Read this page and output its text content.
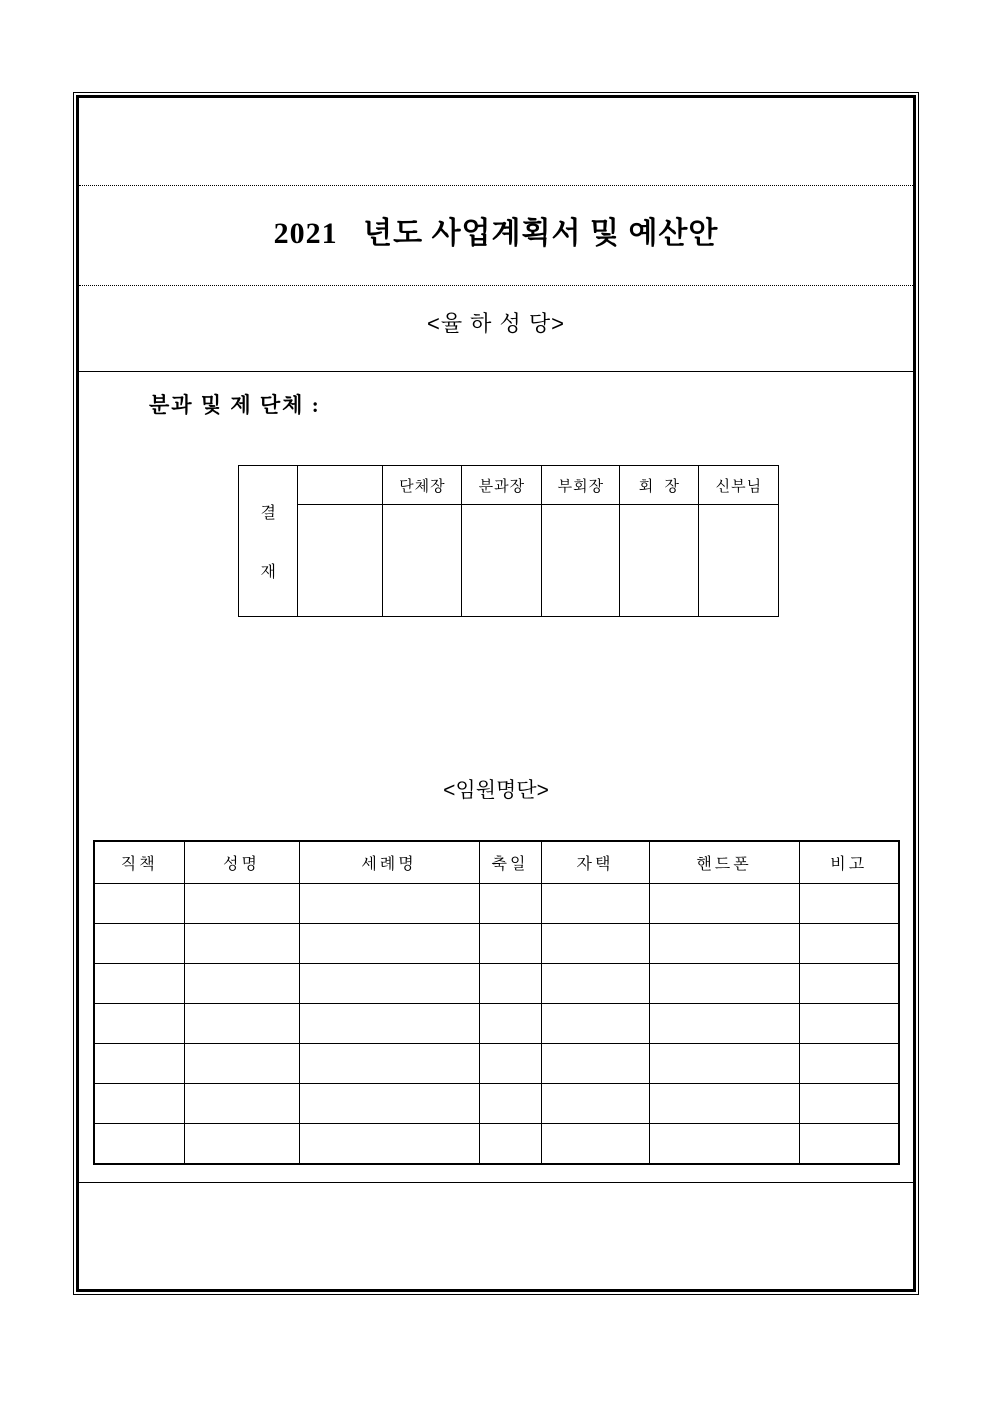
2021   년도 사업계획서 및 예산안
<율 하 성 당>
분과 및 제 단체 :

결
재		단체장	분과장	부회장	회  장	신부님

<임원명단>
직책	성명	세례명	축일	자택	핸드폰	비고
